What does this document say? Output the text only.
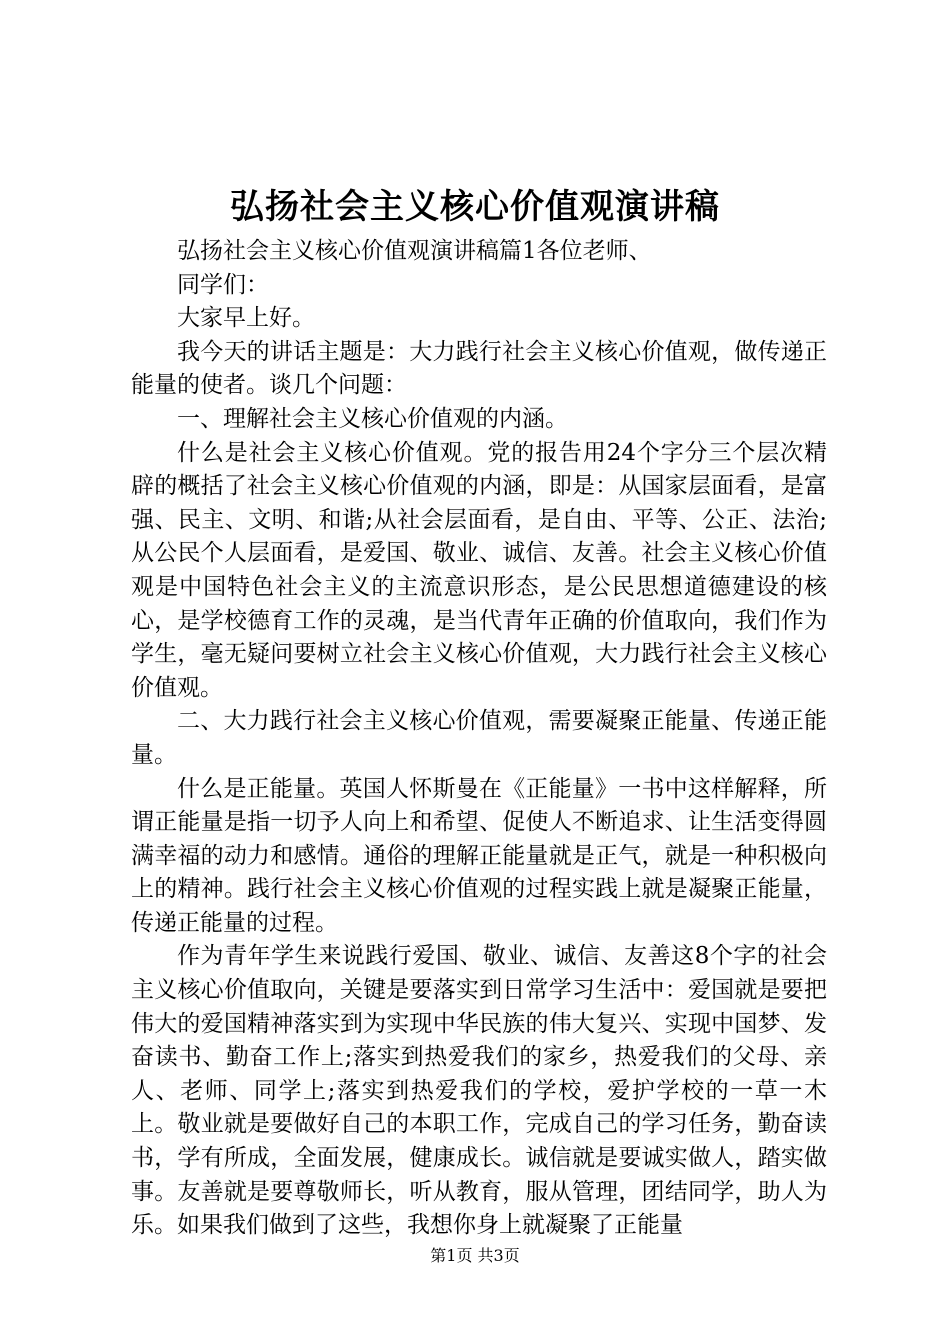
弘扬社会主义核心价值观演讲稿

弘扬社会主义核心价值观演讲稿篇1各位老师、

同学们：

大家早上好。

我今天的讲话主题是：大力践行社会主义核心价值观，做传递正能量的使者。谈几个问题：

一、理解社会主义核心价值观的内涵。

什么是社会主义核心价值观。党的报告用24个字分三个层次精辟的概括了社会主义核心价值观的内涵，即是：从国家层面看，是富强、民主、文明、和谐;从社会层面看，是自由、平等、公正、法治;从公民个人层面看，是爱国、敬业、诚信、友善。社会主义核心价值观是中国特色社会主义的主流意识形态，是公民思想道德建设的核心，是学校德育工作的灵魂，是当代青年正确的价值取向，我们作为学生，毫无疑问要树立社会主义核心价值观，大力践行社会主义核心价值观。

二、大力践行社会主义核心价值观，需要凝聚正能量、传递正能量。

什么是正能量。英国人怀斯曼在《正能量》一书中这样解释，所谓正能量是指一切予人向上和希望、促使人不断追求、让生活变得圆满幸福的动力和感情。通俗的理解正能量就是正气，就是一种积极向上的精神。践行社会主义核心价值观的过程实践上就是凝聚正能量，传递正能量的过程。

作为青年学生来说践行爱国、敬业、诚信、友善这8个字的社会主义核心价值取向，关键是要落实到日常学习生活中：爱国就是要把伟大的爱国精神落实到为实现中华民族的伟大复兴、实现中国梦、发奋读书、勤奋工作上;落实到热爱我们的家乡，热爱我们的父母、亲人、老师、同学上;落实到热爱我们的学校，爱护学校的一草一木上。敬业就是要做好自己的本职工作，完成自己的学习任务，勤奋读书，学有所成，全面发展，健康成长。诚信就是要诚实做人，踏实做事。友善就是要尊敬师长，听从教育，服从管理，团结同学，助人为乐。如果我们做到了这些，我想你身上就凝聚了正能量

第1页 共3页
